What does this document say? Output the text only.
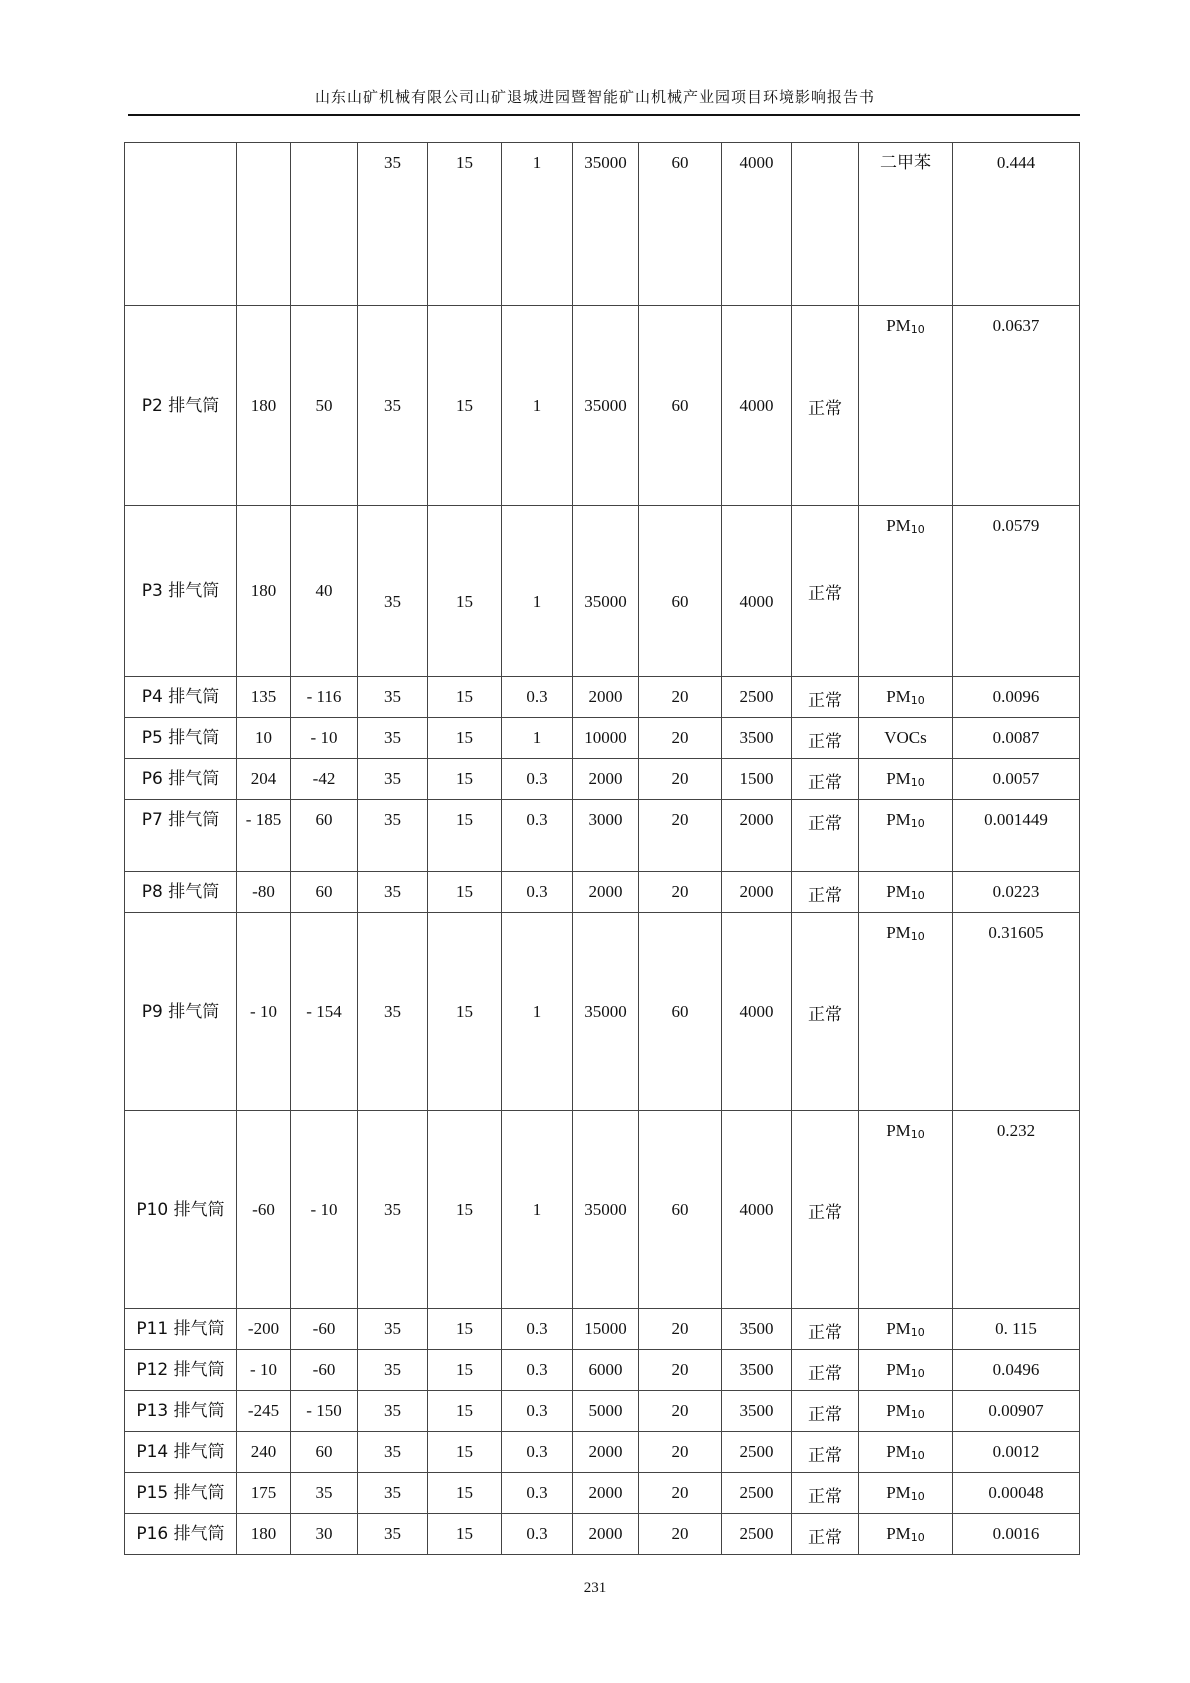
山东山矿机械有限公司山矿退城进园暨智能矿山机械产业园项目环境影响报告书

			35	15	1	35000	60	4000		二甲苯	0.444

P2 排气筒	180	50	35	15	1	35000	60	4000	正常	$PM_{10}$	0.0637

P3 排气筒	180	40	35	15	1	35000	60	4000	正常	$PM_{10}$	0.0579

P4 排气筒	135	- 116	35	15	0.3	2000	20	2500	正常	$PM_{10}$	0.0096

P5 排气筒	10	- 10	35	15	1	10000	20	3500	正常	VOCs	0.0087

P6 排气筒	204	-42	35	15	0.3	2000	20	1500	正常	$PM_{10}$	0.0057

P7 排气筒	- 185	60	35	15	0.3	3000	20	2000	正常	$PM_{10}$	0.001449

P8 排气筒	-80	60	35	15	0.3	2000	20	2000	正常	$PM_{10}$	0.0223

P9 排气筒	- 10	- 154	35	15	1	35000	60	4000	正常	$PM_{10}$	0.31605

P10 排气筒	-60	- 10	35	15	1	35000	60	4000	正常	$PM_{10}$	0.232

P11 排气筒	-200	-60	35	15	0.3	15000	20	3500	正常	$PM_{10}$	0. 115

P12 排气筒	- 10	-60	35	15	0.3	6000	20	3500	正常	$PM_{10}$	0.0496

P13 排气筒	-245	- 150	35	15	0.3	5000	20	3500	正常	$PM_{10}$	0.00907

P14 排气筒	240	60	35	15	0.3	2000	20	2500	正常	$PM_{10}$	0.0012

P15 排气筒	175	35	35	15	0.3	2000	20	2500	正常	$PM_{10}$	0.00048

P16 排气筒	180	30	35	15	0.3	2000	20	2500	正常	$PM_{10}$	0.0016
231
